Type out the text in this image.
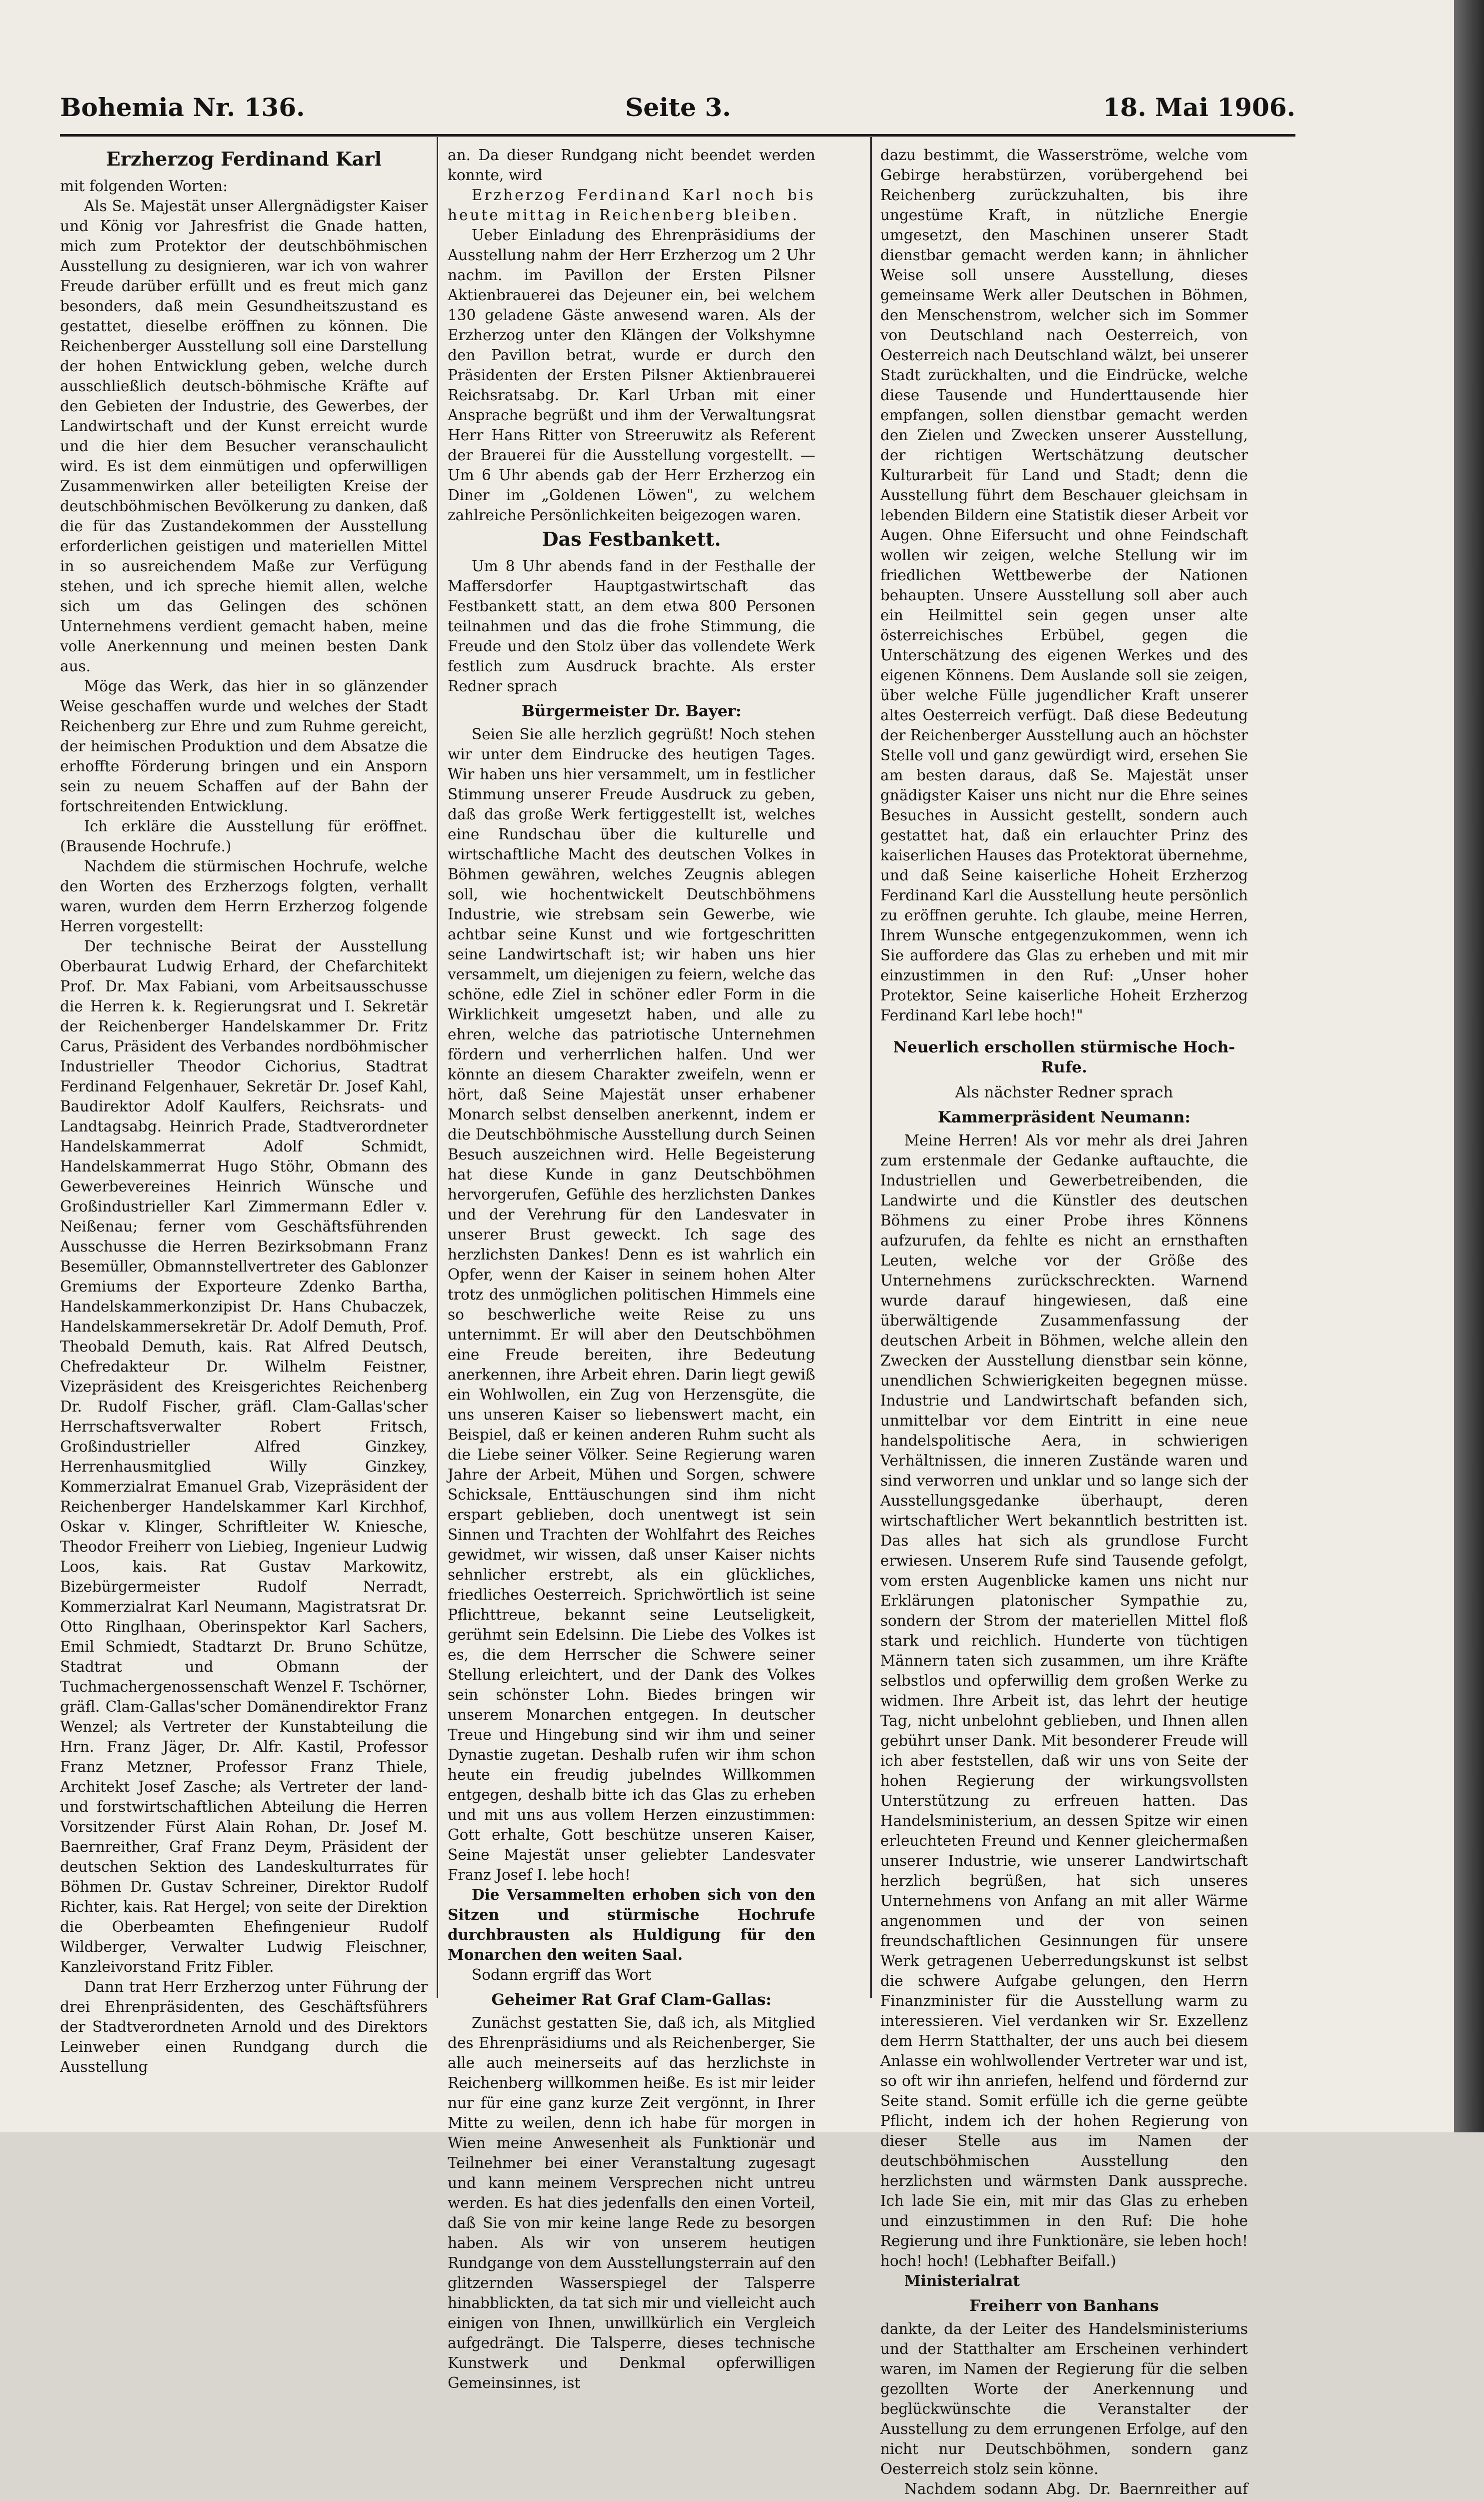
Bohemia Nr. 136.	Seite 3.	18. Mai 1906.
Erzherzog Ferdinand Karl

mit folgenden Worten:

Als Se. Majestät unser Allergnädigster Kaiser und König vor Jahresfrist die Gnade hatten, mich zum Protektor der deutschböhmischen Ausstellung zu designieren, war ich von wahrer Freude darüber erfüllt und es freut mich ganz besonders, daß mein Gesundheitszustand es gestattet, dieselbe eröffnen zu können. Die Reichenberger Ausstellung soll eine Darstellung der hohen Entwicklung geben, welche durch ausschließlich deutsch-böhmische Kräfte auf den Gebieten der Industrie, des Gewerbes, der Landwirtschaft und der Kunst erreicht wurde und die hier dem Besucher veranschaulicht wird. Es ist dem einmütigen und opferwilligen Zusammenwirken aller beteiligten Kreise der deutschböhmischen Bevölkerung zu danken, daß die für das Zustandekommen der Ausstellung erforderlichen geistigen und materiellen Mittel in so ausreichendem Maße zur Verfügung stehen, und ich spreche hiemit allen, welche sich um das Gelingen des schönen Unternehmens verdient gemacht haben, meine volle Anerkennung und meinen besten Dank aus.

Möge das Werk, das hier in so glänzender Weise geschaffen wurde und welches der Stadt Reichenberg zur Ehre und zum Ruhme gereicht, der heimischen Produktion und dem Absatze die erhoffte Förderung bringen und ein Ansporn sein zu neuem Schaffen auf der Bahn der fortschreitenden Entwicklung.

Ich erkläre die Ausstellung für eröffnet. (Brausende Hochrufe.)

Nachdem die stürmischen Hochrufe, welche den Worten des Erzherzogs folgten, verhallt waren, wurden dem Herrn Erzherzog folgende Herren vorgestellt:

Der technische Beirat der Ausstellung Oberbaurat Ludwig Erhard, der Chefarchitekt Prof. Dr. Max Fabiani, vom Arbeitsausschusse die Herren k. k. Regierungsrat und I. Sekretär der Reichenberger Handelskammer Dr. Fritz Carus, Präsident des Verbandes nordböhmischer Industrieller Theodor Cichorius, Stadtrat Ferdinand Felgenhauer, Sekretär Dr. Josef Kahl, Baudirektor Adolf Kaulfers, Reichsrats- und Landtagsabg. Heinrich Prade, Stadtverordneter Handelskammerrat Adolf Schmidt, Handelskammerrat Hugo Stöhr, Obmann des Gewerbevereines Heinrich Wünsche und Großindustrieller Karl Zimmermann Edler v. Neißenau; ferner vom Geschäftsführenden Ausschusse die Herren Bezirksobmann Franz Besemüller, Obmannstellvertreter des Gablonzer Gremiums der Exporteure Zdenko Bartha, Handelskammerkonzipist Dr. Hans Chubaczek, Handelskammersekretär Dr. Adolf Demuth, Prof. Theobald Demuth, kais. Rat Alfred Deutsch, Chefredakteur Dr. Wilhelm Feistner, Vizepräsident des Kreisgerichtes Reichenberg Dr. Rudolf Fischer, gräfl. Clam-Gallas'scher Herrschaftsverwalter Robert Fritsch, Großindustrieller Alfred Ginzkey, Herrenhausmitglied Willy Ginzkey, Kommerzialrat Emanuel Grab, Vizepräsident der Reichenberger Handelskammer Karl Kirchhof, Oskar v. Klinger, Schriftleiter W. Kniesche, Theodor Freiherr von Liebieg, Ingenieur Ludwig Loos, kais. Rat Gustav Markowitz, Bizebürgermeister Rudolf Nerradt, Kommerzialrat Karl Neumann, Magistratsrat Dr. Otto Ringlhaan, Oberinspektor Karl Sachers, Emil Schmiedt, Stadtarzt Dr. Bruno Schütze, Stadtrat und Obmann der Tuchmachergenossenschaft Wenzel F. Tschörner, gräfl. Clam-Gallas'scher Domänendirektor Franz Wenzel; als Vertreter der Kunstabteilung die Hrn. Franz Jäger, Dr. Alfr. Kastil, Professor Franz Metzner, Professor Franz Thiele, Architekt Josef Zasche; als Vertreter der land- und forstwirtschaftlichen Abteilung die Herren Vorsitzender Fürst Alain Rohan, Dr. Josef M. Baernreither, Graf Franz Deym, Präsident der deutschen Sektion des Landeskulturrates für Böhmen Dr. Gustav Schreiner, Direktor Rudolf Richter, kais. Rat Hergel; von seite der Direktion die Oberbeamten Ehefingenieur Rudolf Wildberger, Verwalter Ludwig Fleischner, Kanzleivorstand Fritz Fibler.

Dann trat Herr Erzherzog unter Führung der drei Ehrenpräsidenten, des Geschäftsführers der Stadtverordneten Arnold und des Direktors Leinweber einen Rundgang durch die Ausstellung

an. Da dieser Rundgang nicht beendet werden konnte, wird

Erzherzog Ferdinand Karl noch bis heute mittag in Reichenberg bleiben.

Ueber Einladung des Ehrenpräsidiums der Ausstellung nahm der Herr Erzherzog um 2 Uhr nachm. im Pavillon der Ersten Pilsner Aktienbrauerei das Dejeuner ein, bei welchem 130 geladene Gäste anwesend waren. Als der Erzherzog unter den Klängen der Volkshymne den Pavillon betrat, wurde er durch den Präsidenten der Ersten Pilsner Aktienbrauerei Reichsratsabg. Dr. Karl Urban mit einer Ansprache begrüßt und ihm der Verwaltungsrat Herr Hans Ritter von Streeruwitz als Referent der Brauerei für die Ausstellung vorgestellt. — Um 6 Uhr abends gab der Herr Erzherzog ein Diner im „Goldenen Löwen", zu welchem zahlreiche Persönlichkeiten beigezogen waren.

Das Festbankett.

Um 8 Uhr abends fand in der Festhalle der Maffersdorfer Hauptgastwirtschaft das Festbankett statt, an dem etwa 800 Personen teilnahmen und das die frohe Stimmung, die Freude und den Stolz über das vollendete Werk festlich zum Ausdruck brachte. Als erster Redner sprach

Bürgermeister Dr. Bayer:

Seien Sie alle herzlich gegrüßt! Noch stehen wir unter dem Eindrucke des heutigen Tages. Wir haben uns hier versammelt, um in festlicher Stimmung unserer Freude Ausdruck zu geben, daß das große Werk fertiggestellt ist, welches eine Rundschau über die kulturelle und wirtschaftliche Macht des deutschen Volkes in Böhmen gewähren, welches Zeugnis ablegen soll, wie hochentwickelt Deutschböhmens Industrie, wie strebsam sein Gewerbe, wie achtbar seine Kunst und wie fortgeschritten seine Landwirtschaft ist; wir haben uns hier versammelt, um diejenigen zu feiern, welche das schöne, edle Ziel in schöner edler Form in die Wirklichkeit umgesetzt haben, und alle zu ehren, welche das patriotische Unternehmen fördern und verherrlichen halfen. Und wer könnte an diesem Charakter zweifeln, wenn er hört, daß Seine Majestät unser erhabener Monarch selbst denselben anerkennt, indem er die Deutschböhmische Ausstellung durch Seinen Besuch auszeichnen wird. Helle Begeisterung hat diese Kunde in ganz Deutschböhmen hervorgerufen, Gefühle des herzlichsten Dankes und der Verehrung für den Landesvater in unserer Brust geweckt. Ich sage des herzlichsten Dankes! Denn es ist wahrlich ein Opfer, wenn der Kaiser in seinem hohen Alter trotz des unmöglichen politischen Himmels eine so beschwerliche weite Reise zu uns unternimmt. Er will aber den Deutschböhmen eine Freude bereiten, ihre Bedeutung anerkennen, ihre Arbeit ehren. Darin liegt gewiß ein Wohlwollen, ein Zug von Herzensgüte, die uns unseren Kaiser so liebenswert macht, ein Beispiel, daß er keinen anderen Ruhm sucht als die Liebe seiner Völker. Seine Regierung waren Jahre der Arbeit, Mühen und Sorgen, schwere Schicksale, Enttäuschungen sind ihm nicht erspart geblieben, doch unentwegt ist sein Sinnen und Trachten der Wohlfahrt des Reiches gewidmet, wir wissen, daß unser Kaiser nichts sehnlicher erstrebt, als ein glückliches, friedliches Oesterreich. Sprichwörtlich ist seine Pflichttreue, bekannt seine Leutseligkeit, gerühmt sein Edelsinn. Die Liebe des Volkes ist es, die dem Herrscher die Schwere seiner Stellung erleichtert, und der Dank des Volkes sein schönster Lohn. Biedes bringen wir unserem Monarchen entgegen. In deutscher Treue und Hingebung sind wir ihm und seiner Dynastie zugetan. Deshalb rufen wir ihm schon heute ein freudig jubelndes Willkommen entgegen, deshalb bitte ich das Glas zu erheben und mit uns aus vollem Herzen einzustimmen: Gott erhalte, Gott beschütze unseren Kaiser, Seine Majestät unser geliebter Landesvater Franz Josef I. lebe hoch!

Die Versammelten erhoben sich von den Sitzen und stürmische Hochrufe durchbrausten als Huldigung für den Monarchen den weiten Saal.

Sodann ergriff das Wort

Geheimer Rat Graf Clam-Gallas:

Zunächst gestatten Sie, daß ich, als Mitglied des Ehrenpräsidiums und als Reichenberger, Sie alle auch meinerseits auf das herzlichste in Reichenberg willkommen heiße. Es ist mir leider nur für eine ganz kurze Zeit vergönnt, in Ihrer Mitte zu weilen, denn ich habe für morgen in Wien meine Anwesenheit als Funktionär und Teilnehmer bei einer Veranstaltung zugesagt und kann meinem Versprechen nicht untreu werden. Es hat dies jedenfalls den einen Vorteil, daß Sie von mir keine lange Rede zu besorgen haben. Als wir von unserem heutigen Rundgange von dem Ausstellungsterrain auf den glitzernden Wasserspiegel der Talsperre hinabblickten, da tat sich mir und vielleicht auch einigen von Ihnen, unwillkürlich ein Vergleich aufgedrängt. Die Talsperre, dieses technische Kunstwerk und Denkmal opferwilligen Gemeinsinnes, ist

dazu bestimmt, die Wasserströme, welche vom Gebirge herabstürzen, vorübergehend bei Reichenberg zurückzuhalten, bis ihre ungestüme Kraft, in nützliche Energie umgesetzt, den Maschinen unserer Stadt dienstbar gemacht werden kann; in ähnlicher Weise soll unsere Ausstellung, dieses gemeinsame Werk aller Deutschen in Böhmen, den Menschenstrom, welcher sich im Sommer von Deutschland nach Oesterreich, von Oesterreich nach Deutschland wälzt, bei unserer Stadt zurückhalten, und die Eindrücke, welche diese Tausende und Hunderttausende hier empfangen, sollen dienstbar gemacht werden den Zielen und Zwecken unserer Ausstellung, der richtigen Wertschätzung deutscher Kulturarbeit für Land und Stadt; denn die Ausstellung führt dem Beschauer gleichsam in lebenden Bildern eine Statistik dieser Arbeit vor Augen. Ohne Eifersucht und ohne Feindschaft wollen wir zeigen, welche Stellung wir im friedlichen Wettbewerbe der Nationen behaupten. Unsere Ausstellung soll aber auch ein Heilmittel sein gegen unser alte österreichisches Erbübel, gegen die Unterschätzung des eigenen Werkes und des eigenen Könnens. Dem Auslande soll sie zeigen, über welche Fülle jugendlicher Kraft unserer altes Oesterreich verfügt. Daß diese Bedeutung der Reichenberger Ausstellung auch an höchster Stelle voll und ganz gewürdigt wird, ersehen Sie am besten daraus, daß Se. Majestät unser gnädigster Kaiser uns nicht nur die Ehre seines Besuches in Aussicht gestellt, sondern auch gestattet hat, daß ein erlauchter Prinz des kaiserlichen Hauses das Protektorat übernehme, und daß Seine kaiserliche Hoheit Erzherzog Ferdinand Karl die Ausstellung heute persönlich zu eröffnen geruhte. Ich glaube, meine Herren, Ihrem Wunsche entgegenzukommen, wenn ich Sie auffordere das Glas zu erheben und mit mir einzustimmen in den Ruf: „Unser hoher Protektor, Seine kaiserliche Hoheit Erzherzog Ferdinand Karl lebe hoch!"

Neuerlich erschollen stürmische Hoch-Rufe.
Als nächster Redner sprach
Kammerpräsident Neumann:

Meine Herren! Als vor mehr als drei Jahren zum erstenmale der Gedanke auftauchte, die Industriellen und Gewerbetreibenden, die Landwirte und die Künstler des deutschen Böhmens zu einer Probe ihres Könnens aufzurufen, da fehlte es nicht an ernsthaften Leuten, welche vor der Größe des Unternehmens zurückschreckten. Warnend wurde darauf hingewiesen, daß eine überwältigende Zusammenfassung der deutschen Arbeit in Böhmen, welche allein den Zwecken der Ausstellung dienstbar sein könne, unendlichen Schwierigkeiten begegnen müsse. Industrie und Landwirtschaft befanden sich, unmittelbar vor dem Eintritt in eine neue handelspolitische Aera, in schwierigen Verhältnissen, die inneren Zustände waren und sind verworren und unklar und so lange sich der Ausstellungsgedanke überhaupt, deren wirtschaftlicher Wert bekanntlich bestritten ist. Das alles hat sich als grundlose Furcht erwiesen. Unserem Rufe sind Tausende gefolgt, vom ersten Augenblicke kamen uns nicht nur Erklärungen platonischer Sympathie zu, sondern der Strom der materiellen Mittel floß stark und reichlich. Hunderte von tüchtigen Männern taten sich zusammen, um ihre Kräfte selbstlos und opferwillig dem großen Werke zu widmen. Ihre Arbeit ist, das lehrt der heutige Tag, nicht unbelohnt geblieben, und Ihnen allen gebührt unser Dank. Mit besonderer Freude will ich aber feststellen, daß wir uns von Seite der hohen Regierung der wirkungsvollsten Unterstützung zu erfreuen hatten. Das Handelsministerium, an dessen Spitze wir einen erleuchteten Freund und Kenner gleichermaßen unserer Industrie, wie unserer Landwirtschaft herzlich begrüßen, hat sich unseres Unternehmens von Anfang an mit aller Wärme angenommen und der von seinen freundschaftlichen Gesinnungen für unsere Werk getragenen Ueberredungskunst ist selbst die schwere Aufgabe gelungen, den Herrn Finanzminister für die Ausstellung warm zu interessieren. Viel verdanken wir Sr. Exzellenz dem Herrn Statthalter, der uns auch bei diesem Anlasse ein wohlwollender Vertreter war und ist, so oft wir ihn anriefen, helfend und fördernd zur Seite stand. Somit erfülle ich die gerne geübte Pflicht, indem ich der hohen Regierung von dieser Stelle aus im Namen der deutschböhmischen Ausstellung den herzlichsten und wärmsten Dank ausspreche. Ich lade Sie ein, mit mir das Glas zu erheben und einzustimmen in den Ruf: Die hohe Regierung und ihre Funktionäre, sie leben hoch! hoch! hoch! (Lebhafter Beifall.)

Ministerialrat

Freiherr von Banhans

dankte, da der Leiter des Handelsministeriums und der Statthalter am Erscheinen verhindert waren, im Namen der Regierung für die selben gezollten Worte der Anerkennung und beglückwünschte die Veranstalter der Ausstellung zu dem errungenen Erfolge, auf den nicht nur Deutschböhmen, sondern ganz Oesterreich stolz sein könne.

Nachdem sodann Abg. Dr. Baernreither auf
